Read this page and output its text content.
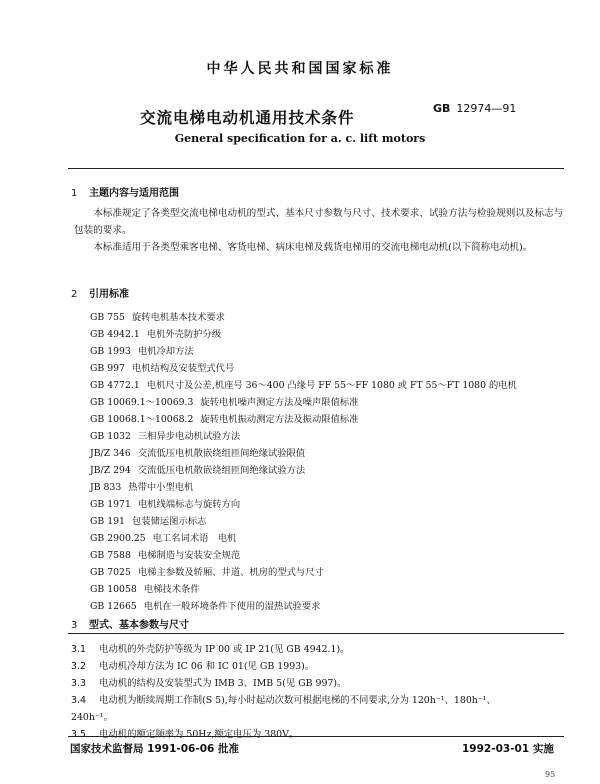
中华人民共和国国家标准
交流电梯电动机通用技术条件
GB 12974—91
General specification for a. c. lift motors
1 主题内容与适用范围

本标准规定了各类型交流电梯电动机的型式、基本尺寸参数与尺寸、技术要求、试验方法与检验规则以及标志与包装的要求。

本标准适用于各类型乘客电梯、客货电梯、病床电梯及载货电梯用的交流电梯电动机(以下简称电动机)。

2 引用标准
GB 755 旋转电机基本技术要求
GB 4942.1 电机外壳防护分级
GB 1993 电机冷却方法
GB 997 电机结构及安装型式代号
GB 4772.1 电机尺寸及公差,机座号 36～400 凸缘号 FF 55～FF 1080 或 FT 55～FT 1080 的电机
GB 10069.1～10069.3 旋转电机噪声测定方法及噪声限值标准
GB 10068.1～10068.2 旋转电机振动测定方法及振动限值标准
GB 1032 三相异步电动机试验方法
JB/Z 346 交流低压电机散嵌绕组匝间绝缘试验限值
JB/Z 294 交流低压电机散嵌绕组匝间绝缘试验方法
JB 833 热带中小型电机
GB 1971 电机线端标志与旋转方向
GB 191 包装储运图示标志
GB 2900.25 电工名词术语　电机
GB 7588 电梯制造与安装安全规范
GB 7025 电梯主参数及轿厢、井道、机房的型式与尺寸
GB 10058 电梯技术条件
GB 12665 电机在一般环境条件下使用的湿热试验要求
3 型式、基本参数与尺寸
3.1 电动机的外壳防护等级为 IP 00 或 IP 21(见 GB 4942.1)。
3.2 电动机冷却方法为 IC 06 和 IC 01(见 GB 1993)。
3.3 电动机的结构及安装型式为 IMB 3、IMB 5(见 GB 997)。
3.4 电动机为断续周期工作制(S 5),每小时起动次数可根据电梯的不同要求,分为 120h⁻¹、180h⁻¹、
240h⁻¹。
3.5 电动机的额定频率为 50Hz,额定电压为 380V。
国家技术监督局 1991-06-06 批准	1992-03-01 实施
95
